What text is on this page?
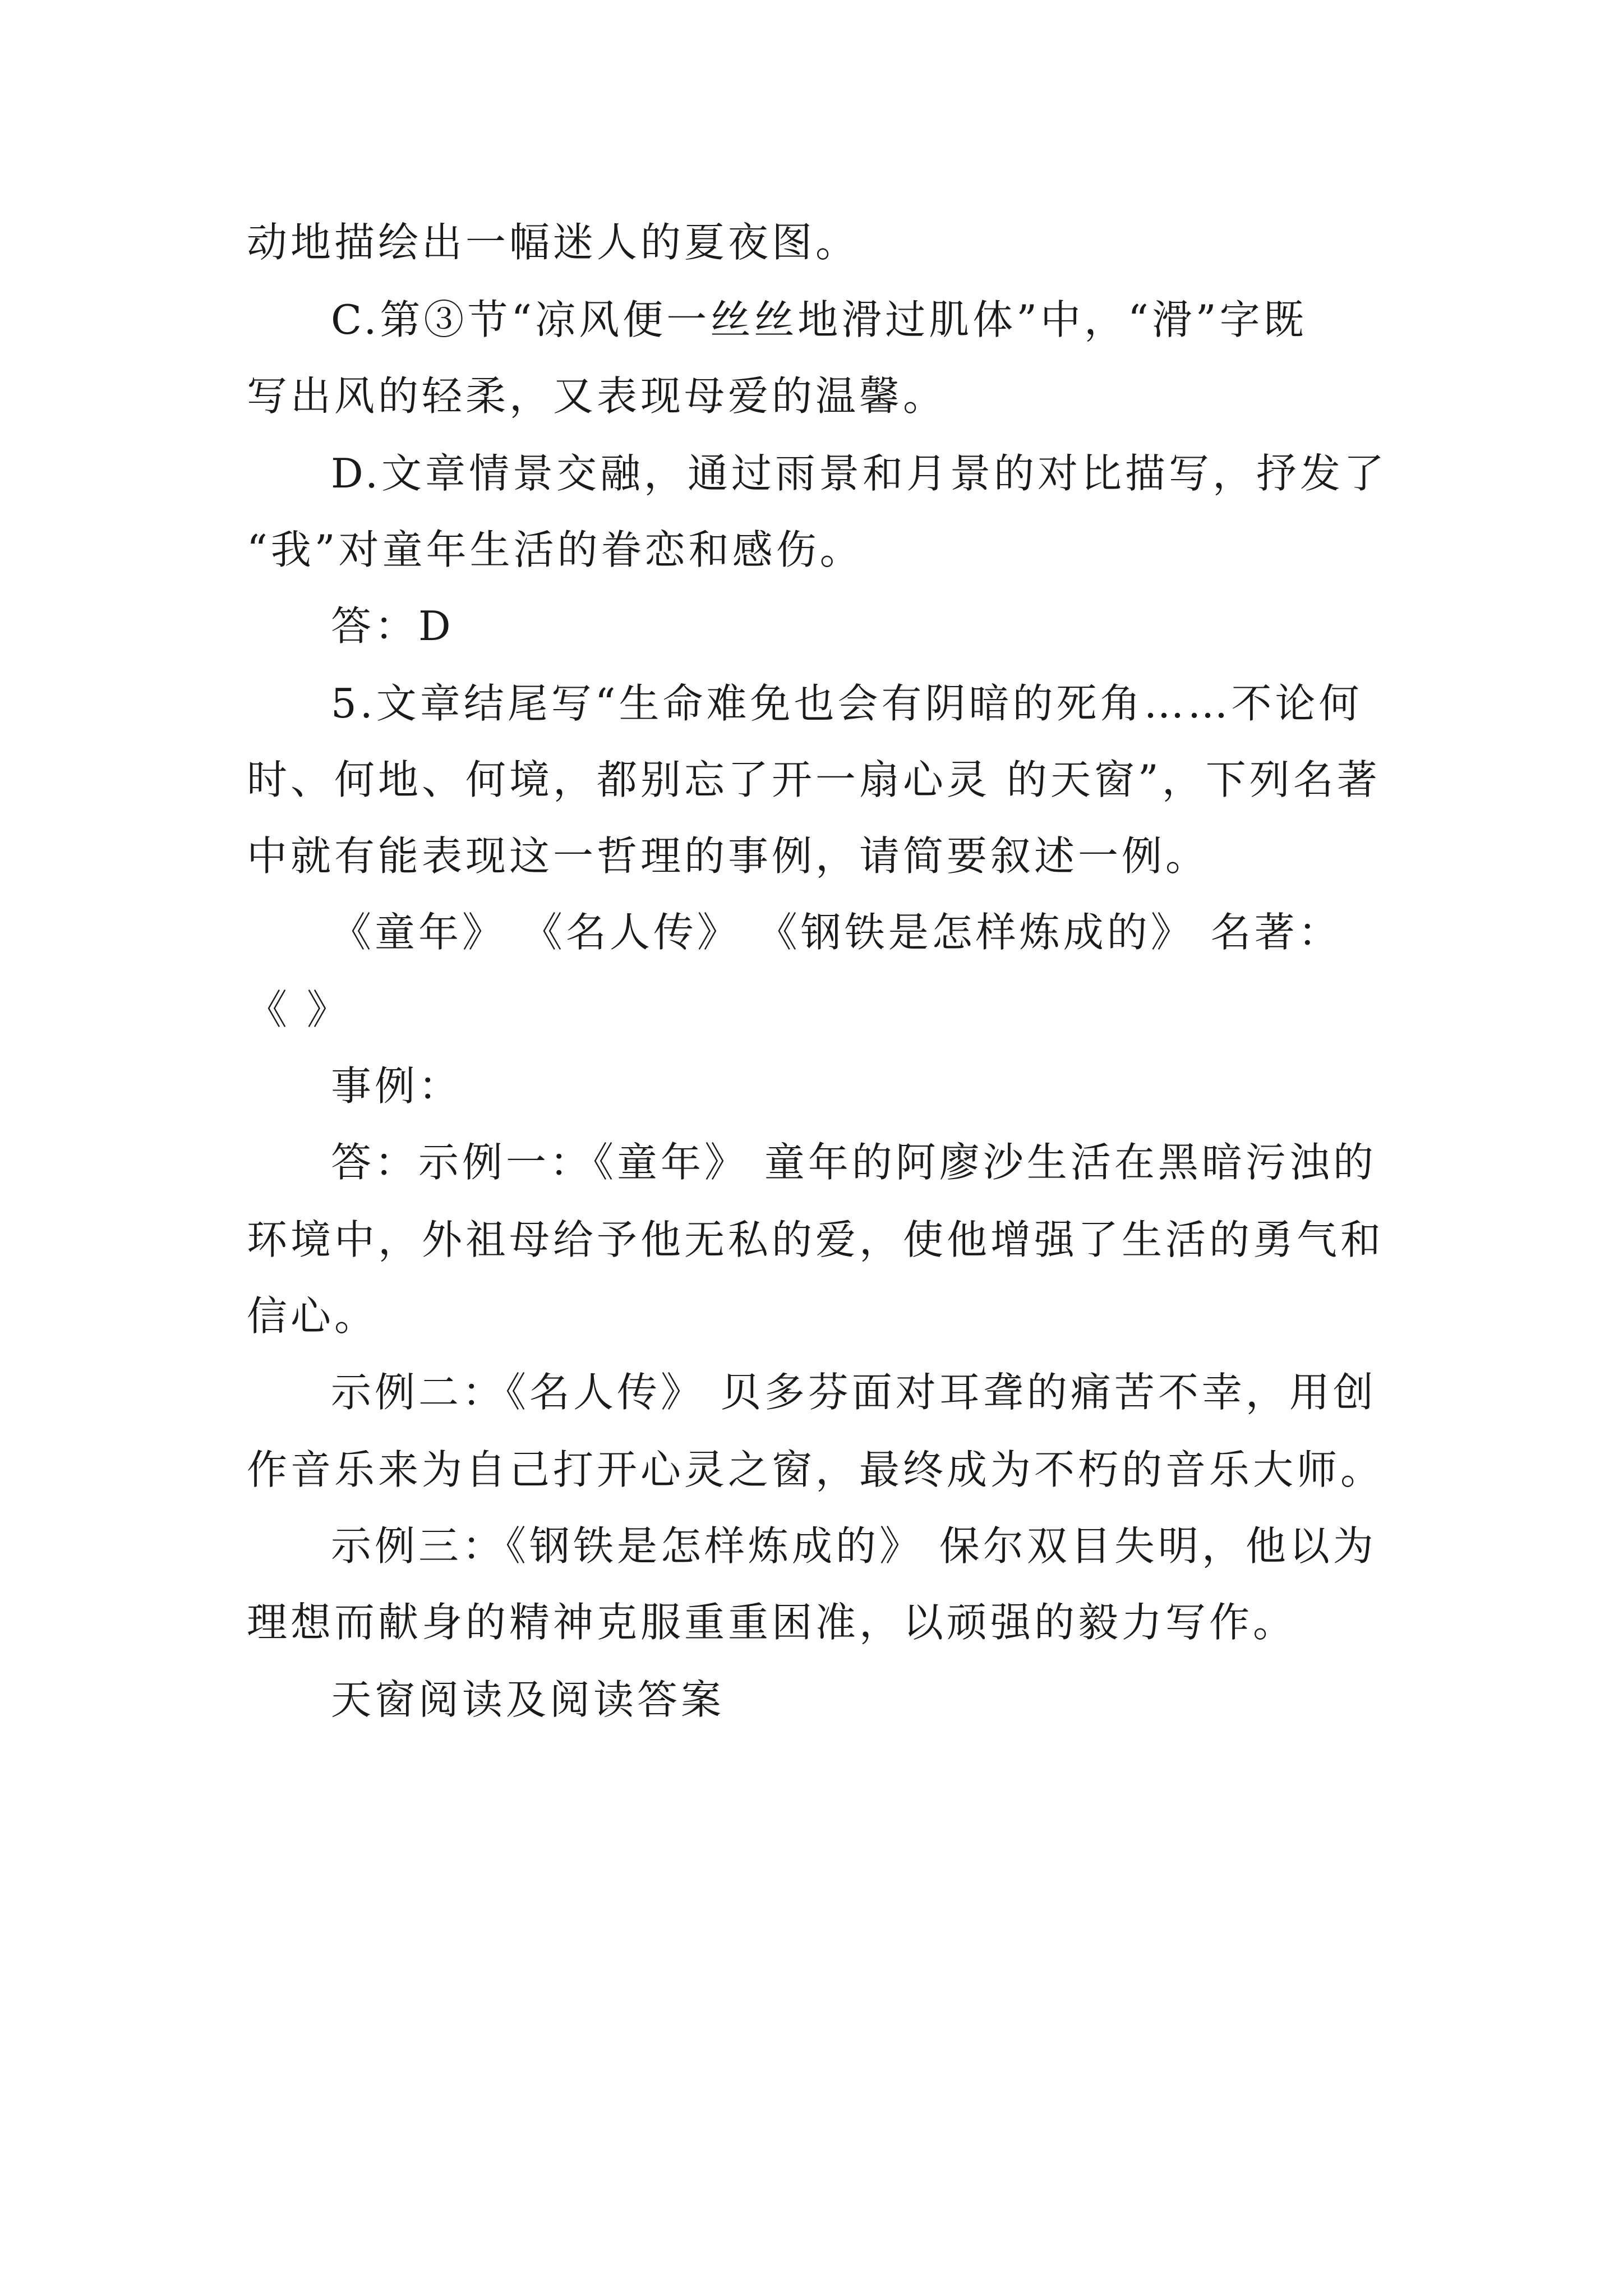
动地描绘出一幅迷人的夏夜图。
C.第③节“凉风便一丝丝地滑过肌体”中，“滑”字既
写出风的轻柔，又表现母爱的温馨。
D.文章情景交融，通过雨景和月景的对比描写，抒发了
“我”对童年生活的眷恋和感伤。
答：D
5.文章结尾写“生命难免也会有阴暗的死角……不论何
时、何地、何境，都别忘了开一扇心灵 的天窗”，下列名著
中就有能表现这一哲理的事例，请简要叙述一例。
《童年》 《名人传》 《钢铁是怎样炼成的》 名著：
《 》
事例：
答：示例一：《童年》 童年的阿廖沙生活在黑暗污浊的
环境中，外祖母给予他无私的爱，使他增强了生活的勇气和
信心。
示例二：《名人传》 贝多芬面对耳聋的痛苦不幸，用创
作音乐来为自己打开心灵之窗，最终成为不朽的音乐大师。
示例三：《钢铁是怎样炼成的》 保尔双目失明，他以为
理想而献身的精神克服重重困准，以顽强的毅力写作。
天窗阅读及阅读答案
